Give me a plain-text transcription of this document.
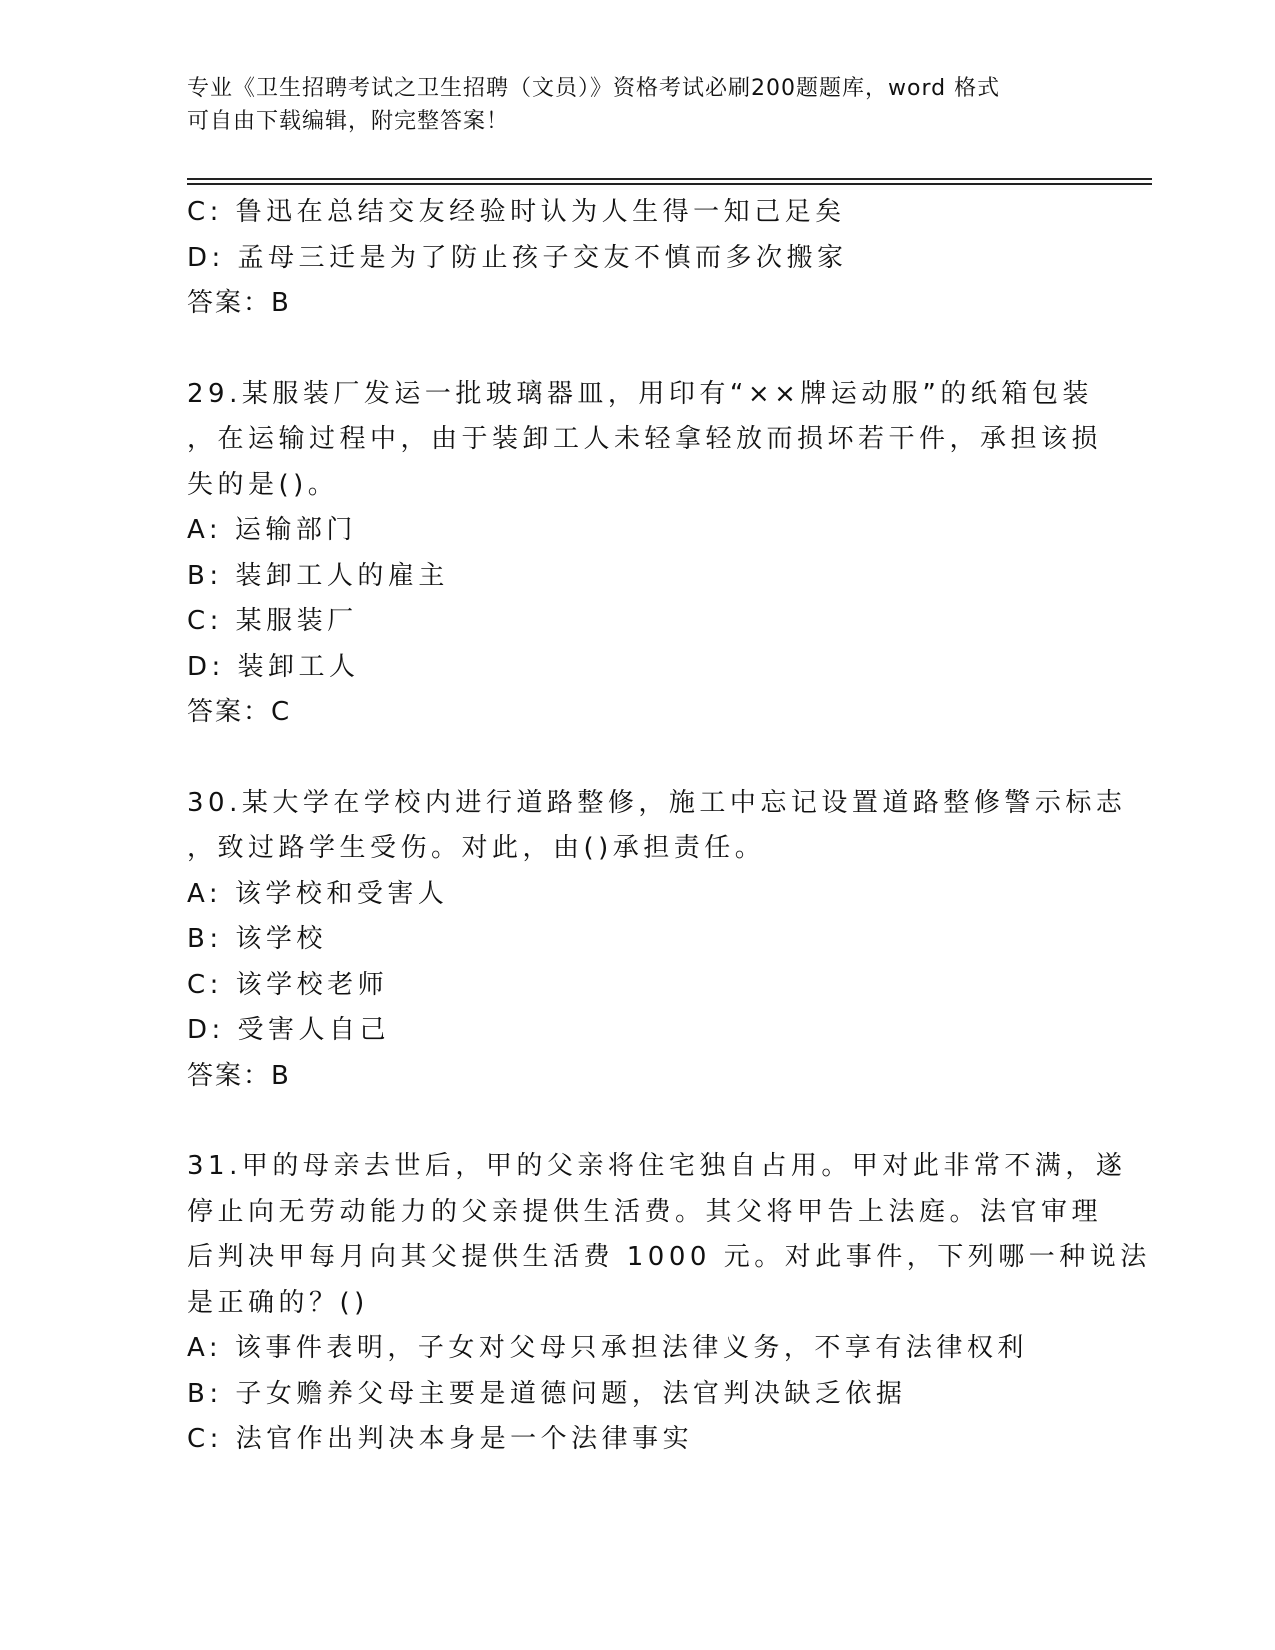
专业《卫生招聘考试之卫生招聘（文员）》资格考试必刷200题题库，word 格式
可自由下载编辑，附完整答案！
C: 鲁迅在总结交友经验时认为人生得一知己足矣
D: 孟母三迁是为了防止孩子交友不慎而多次搬家
答案：B
29.某服装厂发运一批玻璃器皿，用印有“××牌运动服”的纸箱包装
，在运输过程中，由于装卸工人未轻拿轻放而损坏若干件，承担该损
失的是()。
A: 运输部门
B: 装卸工人的雇主
C: 某服装厂
D: 装卸工人
答案：C
30.某大学在学校内进行道路整修，施工中忘记设置道路整修警示标志
，致过路学生受伤。对此，由()承担责任。
A: 该学校和受害人
B: 该学校
C: 该学校老师
D: 受害人自己
答案：B
31.甲的母亲去世后，甲的父亲将住宅独自占用。甲对此非常不满，遂
停止向无劳动能力的父亲提供生活费。其父将甲告上法庭。法官审理
后判决甲每月向其父提供生活费 1000 元。对此事件，下列哪一种说法
是正确的？()
A: 该事件表明，子女对父母只承担法律义务，不享有法律权利
B: 子女赡养父母主要是道德问题，法官判决缺乏依据
C: 法官作出判决本身是一个法律事实
